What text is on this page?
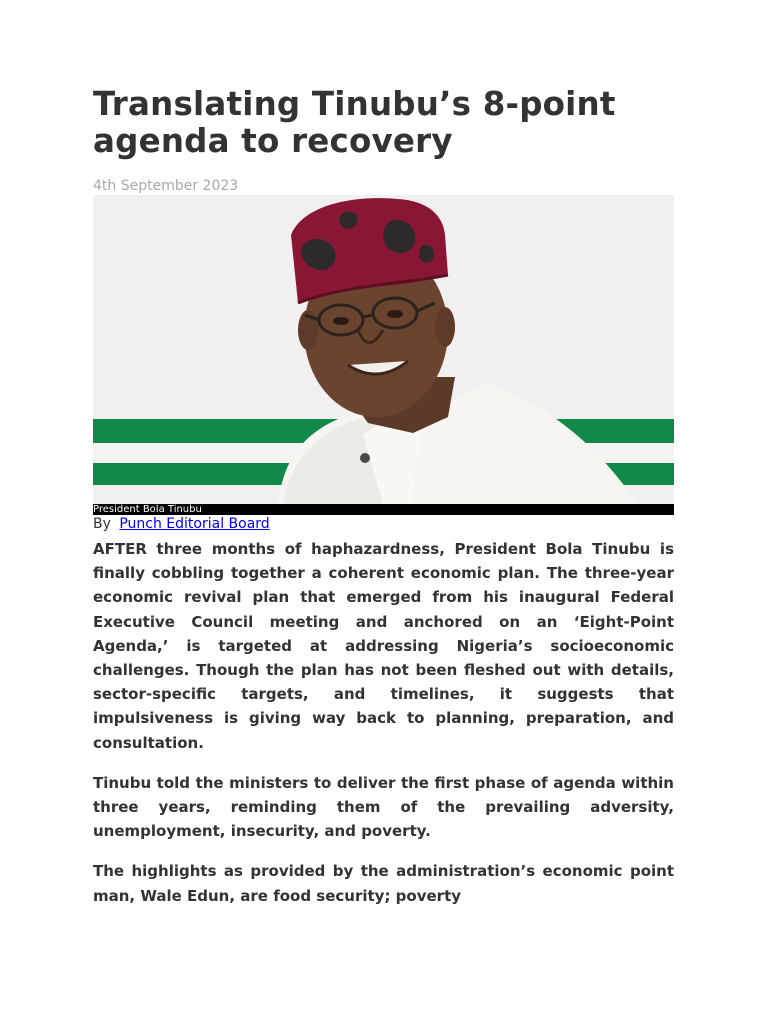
Translating Tinubu’s 8-point agenda to recovery
4th September 2023
President Bola Tinubu
By Punch Editorial Board

AFTER three months of haphazardness, President Bola Tinubu is finally cobbling together a coherent economic plan. The three-year economic revival plan that emerged from his inaugural Federal Executive Council meeting and anchored on an ‘Eight-Point Agenda,’ is targeted at addressing Nigeria’s socioeconomic challenges. Though the plan has not been fleshed out with details, sector-specific targets, and timelines, it suggests that impulsiveness is giving way back to planning, preparation, and consultation.

Tinubu told the ministers to deliver the first phase of agenda within three years, reminding them of the prevailing adversity, unemployment, insecurity, and poverty.

The highlights as provided by the administration’s economic point man, Wale Edun, are food security; poverty
